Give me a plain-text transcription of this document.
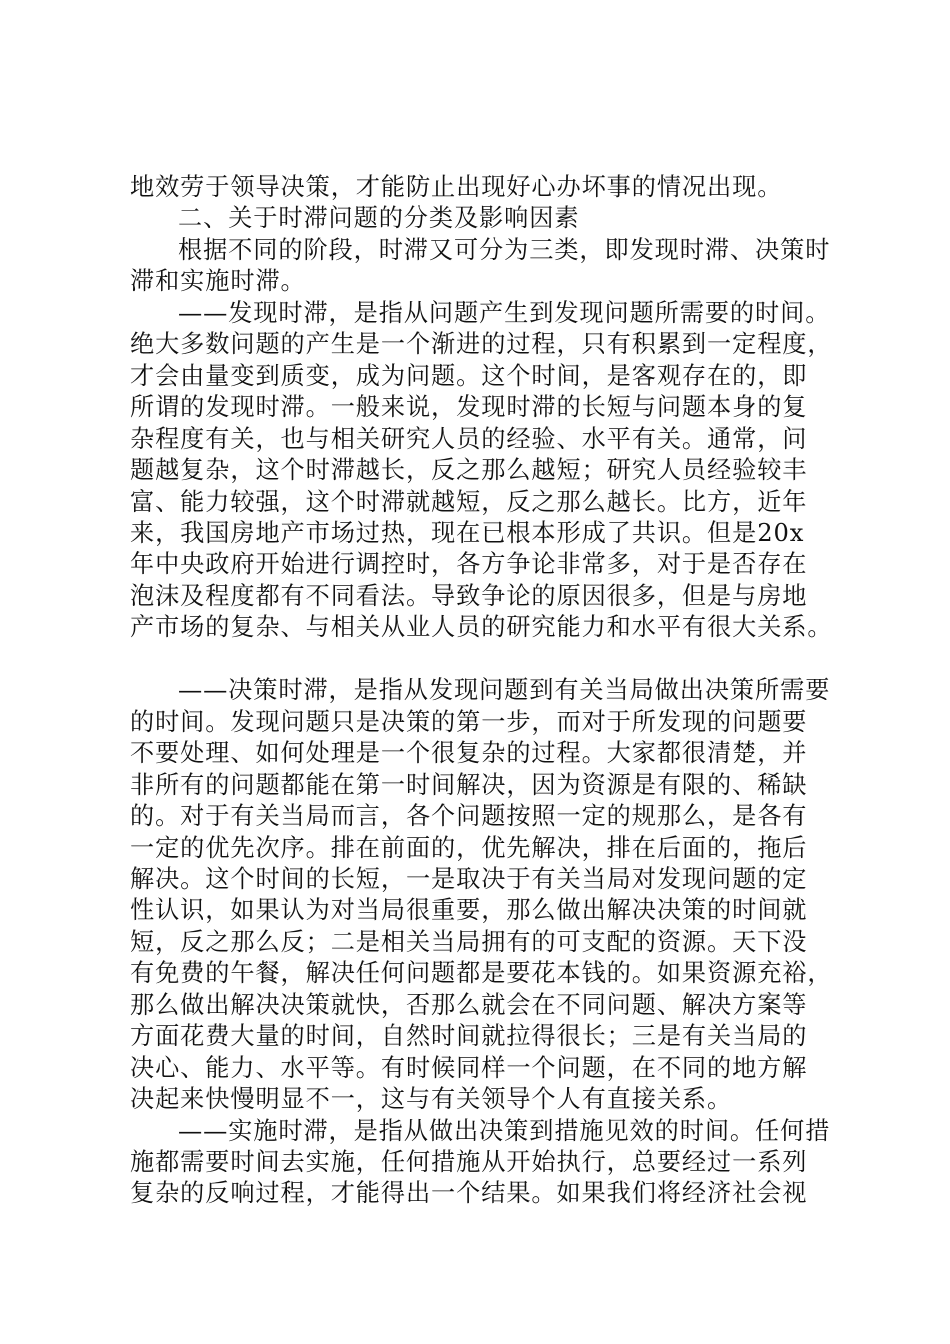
地效劳于领导决策，才能防止出现好心办坏事的情况出现。
二、关于时滞问题的分类及影响因素
根据不同的阶段，时滞又可分为三类，即发现时滞、决策时
滞和实施时滞。
——发现时滞，是指从问题产生到发现问题所需要的时间。
绝大多数问题的产生是一个渐进的过程，只有积累到一定程度，
才会由量变到质变，成为问题。这个时间，是客观存在的，即
所谓的发现时滞。一般来说，发现时滞的长短与问题本身的复
杂程度有关，也与相关研究人员的经验、水平有关。通常，问
题越复杂，这个时滞越长，反之那么越短；研究人员经验较丰
富、能力较强，这个时滞就越短，反之那么越长。比方，近年
来，我国房地产市场过热，现在已根本形成了共识。但是20x
年中央政府开始进行调控时，各方争论非常多，对于是否存在
泡沫及程度都有不同看法。导致争论的原因很多，但是与房地
产市场的复杂、与相关从业人员的研究能力和水平有很大关系。
——决策时滞，是指从发现问题到有关当局做出决策所需要
的时间。发现问题只是决策的第一步，而对于所发现的问题要
不要处理、如何处理是一个很复杂的过程。大家都很清楚，并
非所有的问题都能在第一时间解决，因为资源是有限的、稀缺
的。对于有关当局而言，各个问题按照一定的规那么，是各有
一定的优先次序。排在前面的，优先解决，排在后面的，拖后
解决。这个时间的长短，一是取决于有关当局对发现问题的定
性认识，如果认为对当局很重要，那么做出解决决策的时间就
短，反之那么反；二是相关当局拥有的可支配的资源。天下没
有免费的午餐，解决任何问题都是要花本钱的。如果资源充裕，
那么做出解决决策就快，否那么就会在不同问题、解决方案等
方面花费大量的时间，自然时间就拉得很长；三是有关当局的
决心、能力、水平等。有时候同样一个问题，在不同的地方解
决起来快慢明显不一，这与有关领导个人有直接关系。
——实施时滞，是指从做出决策到措施见效的时间。任何措
施都需要时间去实施，任何措施从开始执行，总要经过一系列
复杂的反响过程，才能得出一个结果。如果我们将经济社会视
